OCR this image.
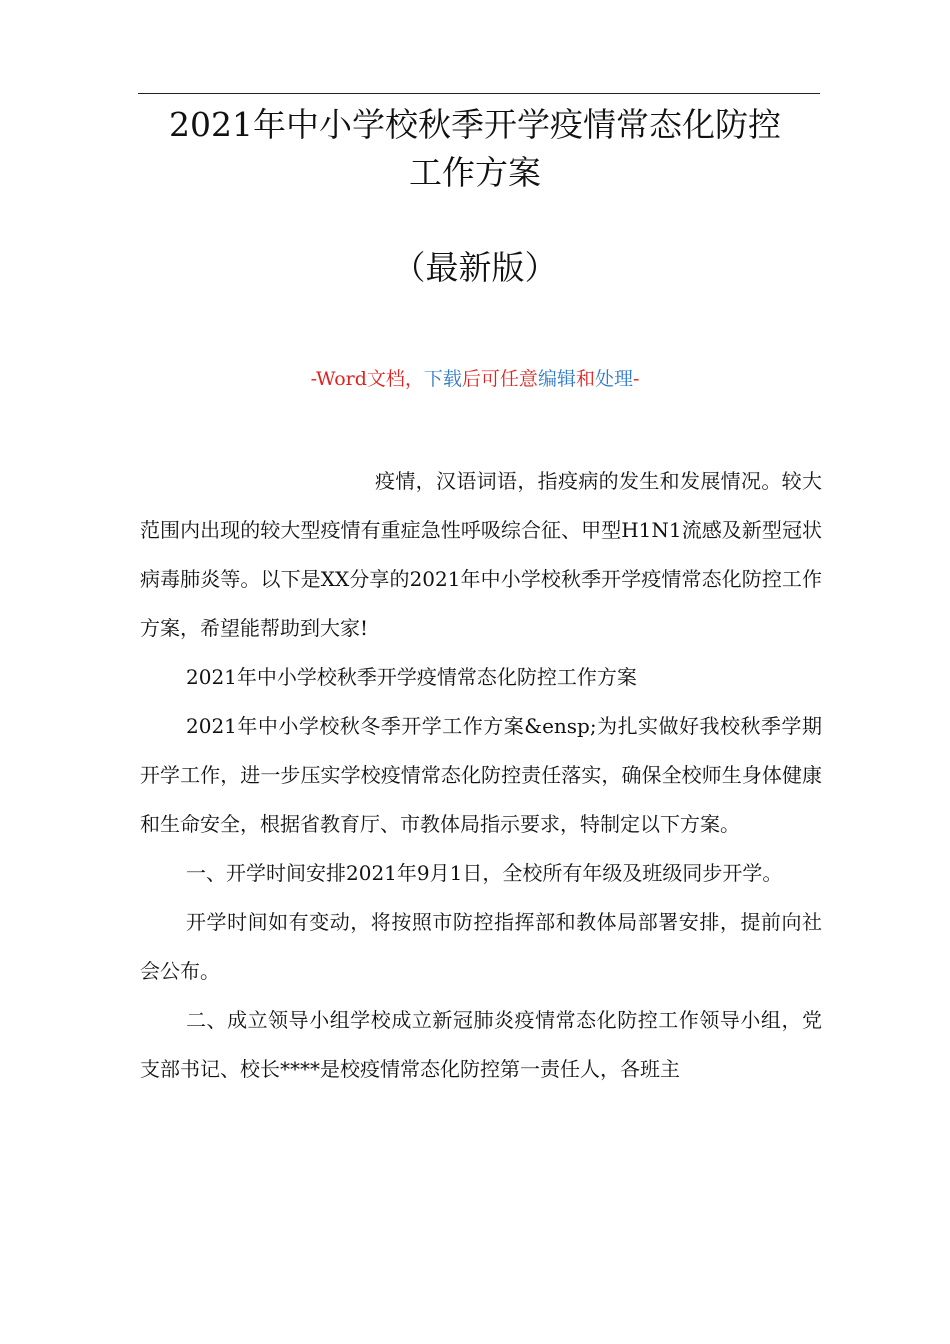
2021年中小学校秋季开学疫情常态化防控
工作方案
（最新版）
-Word文档，下载后可任意编辑和处理-

疫情，汉语词语，指疫病的发生和发展情况。较大范围内出现的较大型疫情有重症急性呼吸综合征、甲型H1N1流感及新型冠状病毒肺炎等。以下是XX分享的2021年中小学校秋季开学疫情常态化防控工作方案，希望能帮助到大家!

2021年中小学校秋季开学疫情常态化防控工作方案

2021年中小学校秋冬季开学工作方案&ensp;为扎实做好我校秋季学期开学工作，进一步压实学校疫情常态化防控责任落实，确保全校师生身体健康和生命安全，根据省教育厅、市教体局指示要求，特制定以下方案。

一、开学时间安排2021年9月1日，全校所有年级及班级同步开学。

开学时间如有变动，将按照市防控指挥部和教体局部署安排，提前向社会公布。

二、成立领导小组学校成立新冠肺炎疫情常态化防控工作领导小组，党支部书记、校长****是校疫情常态化防控第一责任人，各班主
